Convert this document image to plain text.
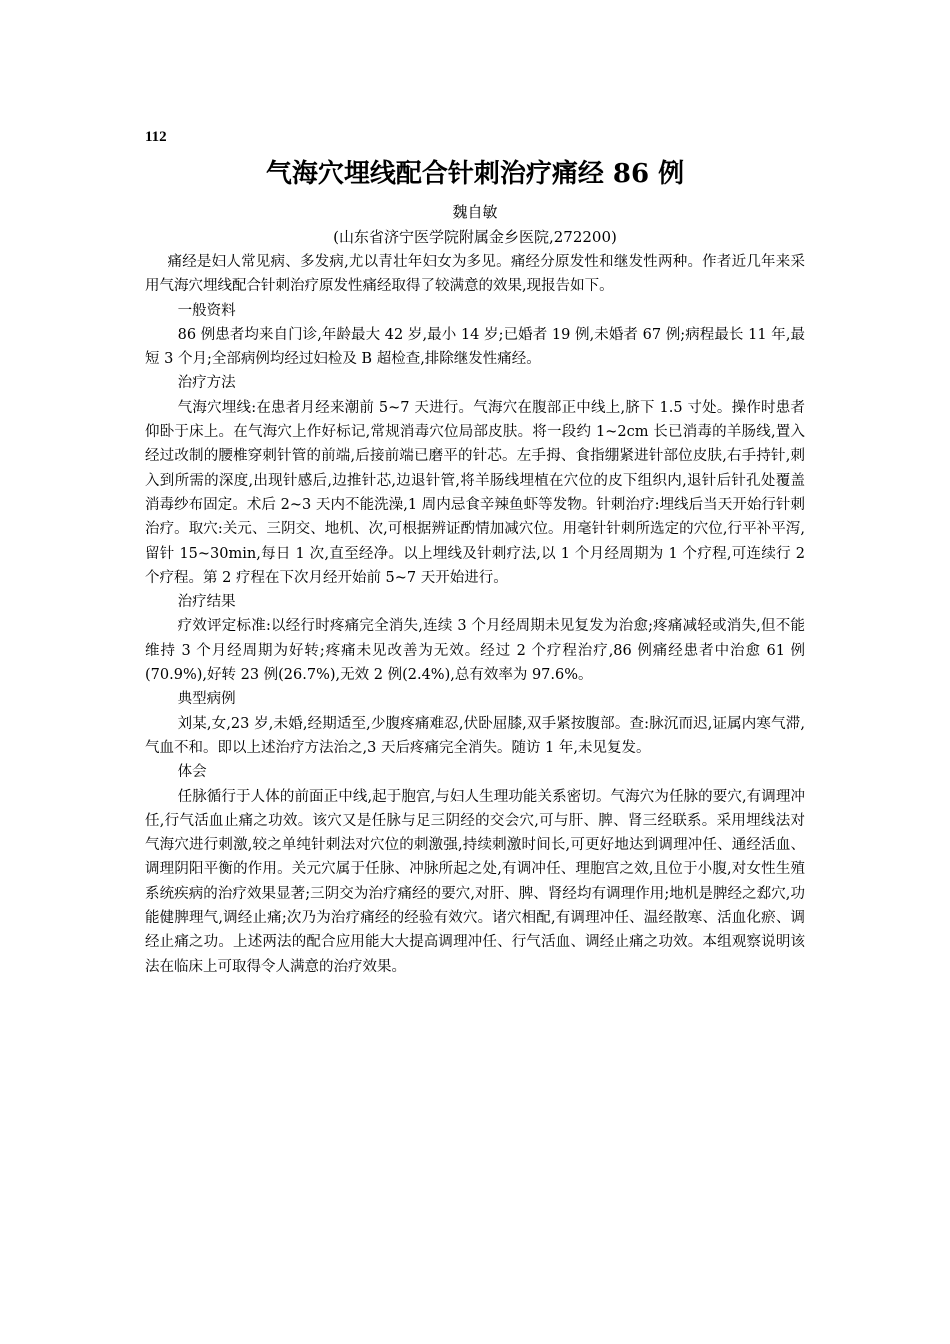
112
气海穴埋线配合针刺治疗痛经 86 例
魏自敏
(山东省济宁医学院附属金乡医院,272200)

痛经是妇人常见病、多发病,尤以青壮年妇女为多见。痛经分原发性和继发性两种。作者近几年来采用气海穴埋线配合针刺治疗原发性痛经取得了较满意的效果,现报告如下。

一般资料

86 例患者均来自门诊,年龄最大 42 岁,最小 14 岁;已婚者 19 例,未婚者 67 例;病程最长 11 年,最短 3 个月;全部病例均经过妇检及 B 超检查,排除继发性痛经。

治疗方法

气海穴埋线:在患者月经来潮前 5~7 天进行。气海穴在腹部正中线上,脐下 1.5 寸处。操作时患者仰卧于床上。在气海穴上作好标记,常规消毒穴位局部皮肤。将一段约 1~2cm 长已消毒的羊肠线,置入经过改制的腰椎穿刺针管的前端,后接前端已磨平的针芯。左手拇、食指绷紧进针部位皮肤,右手持针,刺入到所需的深度,出现针感后,边推针芯,边退针管,将羊肠线埋植在穴位的皮下组织内,退针后针孔处覆盖消毒纱布固定。术后 2~3 天内不能洗澡,1 周内忌食辛辣鱼虾等发物。针刺治疗:埋线后当天开始行针刺治疗。取穴:关元、三阴交、地机、次,可根据辨证酌情加减穴位。用毫针针刺所选定的穴位,行平补平泻,留针 15~30min,每日 1 次,直至经净。以上埋线及针刺疗法,以 1 个月经周期为 1 个疗程,可连续行 2 个疗程。第 2 疗程在下次月经开始前 5~7 天开始进行。

治疗结果

疗效评定标准:以经行时疼痛完全消失,连续 3 个月经周期未见复发为治愈;疼痛减轻或消失,但不能维持 3 个月经周期为好转;疼痛未见改善为无效。经过 2 个疗程治疗,86 例痛经患者中治愈 61 例(70.9%),好转 23 例(26.7%),无效 2 例(2.4%),总有效率为 97.6%。

典型病例

刘某,女,23 岁,未婚,经期适至,少腹疼痛难忍,伏卧屈膝,双手紧按腹部。查:脉沉而迟,证属内寒气滞,气血不和。即以上述治疗方法治之,3 天后疼痛完全消失。随访 1 年,未见复发。

体会

任脉循行于人体的前面正中线,起于胞宫,与妇人生理功能关系密切。气海穴为任脉的要穴,有调理冲任,行气活血止痛之功效。该穴又是任脉与足三阴经的交会穴,可与肝、脾、肾三经联系。采用埋线法对气海穴进行刺激,较之单纯针刺法对穴位的刺激强,持续刺激时间长,可更好地达到调理冲任、通经活血、调理阴阳平衡的作用。关元穴属于任脉、冲脉所起之处,有调冲任、理胞宫之效,且位于小腹,对女性生殖系统疾病的治疗效果显著;三阴交为治疗痛经的要穴,对肝、脾、肾经均有调理作用;地机是脾经之郄穴,功能健脾理气,调经止痛;次乃为治疗痛经的经验有效穴。诸穴相配,有调理冲任、温经散寒、活血化瘀、调经止痛之功。上述两法的配合应用能大大提高调理冲任、行气活血、调经止痛之功效。本组观察说明该法在临床上可取得令人满意的治疗效果。
